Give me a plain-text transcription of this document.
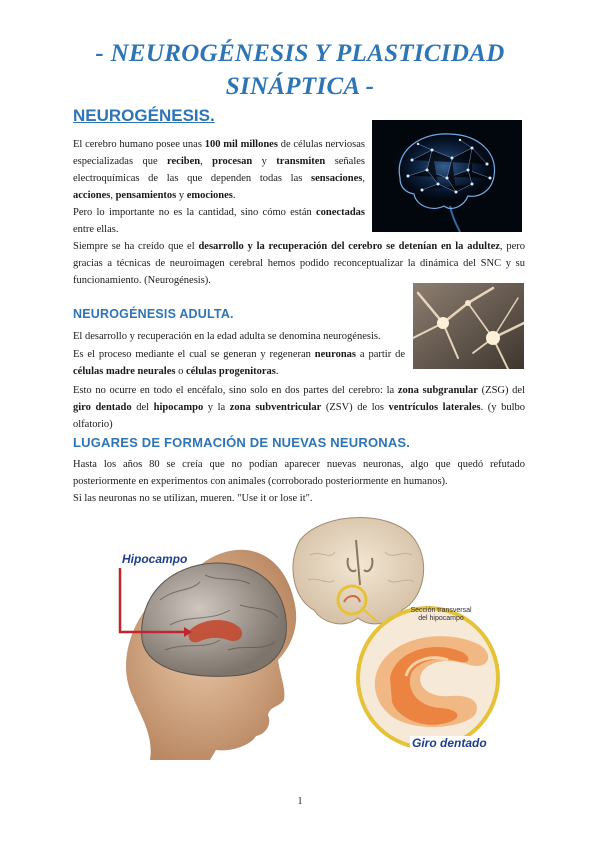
- NEUROGÉNESIS Y PLASTICIDAD
SINÁPTICA -
NEUROGÉNESIS.
El cerebro humano posee unas 100 mil millones de células nerviosas especializadas que reciben, procesan y transmiten señales electroquímicas de las que dependen todas las sensaciones, acciones, pensamientos y emociones.
Pero lo importante no es la cantidad, sino cómo están conectadas entre ellas.
Siempre se ha creído que el desarrollo y la recuperación del cerebro se detenían en la adultez, pero gracias a técnicas de neuroimagen cerebral hemos podido reconceptualizar la dinámica del SNC y su funcionamiento. (Neurogénesis).
NEUROGÉNESIS ADULTA.
El desarrollo y recuperación en la edad adulta se denomina neurogénesis.
Es el proceso mediante el cual se generan y regeneran neuronas a partir de células madre neurales o células progenitoras.
Esto no ocurre en todo el encéfalo, sino solo en dos partes del cerebro: la zona subgranular (ZSG) del giro dentado del hipocampo y la zona subventricular (ZSV) de los ventrículos laterales. (y bulbo olfatorio)
LUGARES DE FORMACIÓN DE NUEVAS NEURONAS.
Hasta los años 80 se creía que no podían aparecer nuevas neuronas, algo que quedó refutado posteriormente en experimentos con animales (corroborado posteriormente en humanos).
Si las neuronas no se utilizan, mueren. "Use it or lose it".
Hipocampo
Sección transversal
del hipocampo
Giro dentado
1
